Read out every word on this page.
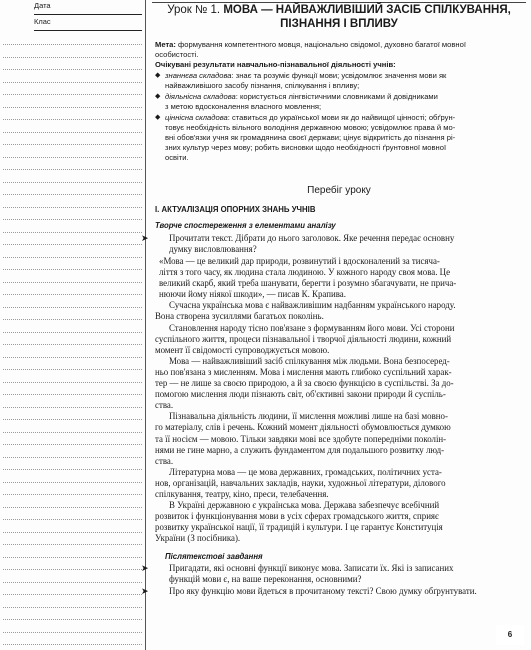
Дата
Клас
Урок № 1. МОВА — НАЙВАЖЛИВІШИЙ ЗАСІБ СПІЛКУВАННЯ,
ПІЗНАННЯ І ВПЛИВУ
Мета: формування компетентного мовця, національно свідомої, духовно багатої мовної
особистості.
Очікувані результати навчально-пізнавальної діяльності учнів:
◆ знаннєва складова: знає та розуміє функції мови; усвідомлює значення мови як
найважливішого засобу пізнання, спілкування і впливу;
◆ діяльнісна складова: користується лінгвістичними словниками й довідниками
з метою вдосконалення власного мовлення;
◆ ціннісна складова: ставиться до української мови як до найвищої цінності; обґрун-
товує необхідність вільного володіння державною мовою; усвідомлює права й мо-
вні обов'язки учня як громадянина своєї держави; цінує відкритість до пізнання рі-
зних культур через мову; робить висновки щодо необхідності ґрунтовної мовної
освіти.
Перебіг уроку
І. АКТУАЛІЗАЦІЯ ОПОРНИХ ЗНАНЬ УЧНІВ
Творче спостереження з елементами аналізу
➤ Прочитати текст. Дібрати до нього заголовок. Яке речення передає основну
думку висловлювання?
«Мова — це великий дар природи, розвинутий і вдосконалений за тисяча-
ліття з того часу, як людина стала людиною. У кожного народу своя мова. Це
великий скарб, який треба шанувати, берегти і розумно збагачувати, не прича-
нюючи йому ніякої шкоди», — писав К. Крапива.
Сучасна українська мова є найважливішим надбанням українського народу.
Вона створена зусиллями багатьох поколінь.
Становлення народу тісно пов'язане з формуванням його мови. Усі сторони
суспільного життя, процеси пізнавальної і творчої діяльності людини, кожний
момент її свідомості супроводжується мовою.
Мова — найважливіший засіб спілкування між людьми. Вона безпосеред-
ньо пов'язана з мисленням. Мова і мислення мають глибоко суспільний харак-
тер — не лише за своєю природою, а й за своєю функцією в суспільстві. За до-
помогою мислення люди пізнають світ, об'єктивні закони природи й суспіль-
ства.
Пізнавальна діяльність людини, її мислення можливі лише на базі мовно-
го матеріалу, слів і речень. Кожний момент діяльності обумовлюється думкою
та її носієм — мовою. Тільки завдяки мові все здобуте попередніми поколін-
нями не гине марно, а служить фундаментом для подальшого розвитку люд-
ства.
Літературна мова — це мова державних, громадських, політичних уста-
нов, організацій, навчальних закладів, науки, художньої літератури, ділового
спілкування, театру, кіно, преси, телебачення.
В Україні державною є українська мова. Держава забезпечує всебічний
розвиток і функціонування мови в усіх сферах громадського життя, сприяє
розвитку української нації, її традицій і культури. І це гарантує Конституція
України (З посібника).
Післятекстові завдання
➤ Пригадати, які основні функції виконує мова. Записати їх. Які із записаних
функцій мови є, на ваше переконання, основними?
➤ Про яку функцію мови йдеться в прочитаному тексті? Свою думку обґрунтувати.
6
